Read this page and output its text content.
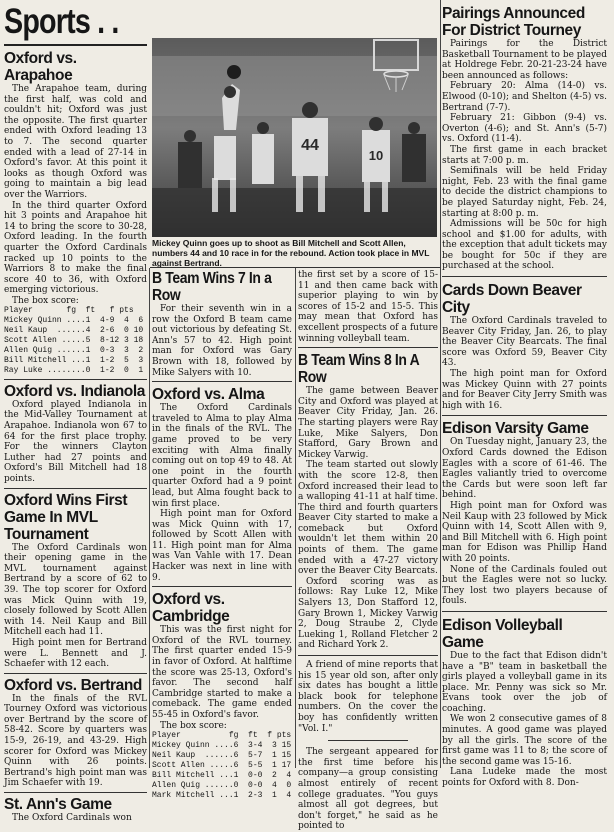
Sports . .
Oxford vs. Arapahoe

The Arapahoe team, during the first half, was cold and couldn't hit; Oxford was just the opposite. The first quarter ended with Oxford leading 13 to 7. The second quarter ended with a lead of 27-14 in Oxford's favor. At this point it looks as though Oxford was going to maintain a big lead over the Warriors.

In the third quarter Oxford hit 3 points and Arapahoe hit 14 to bring the score to 30-28, Oxford leading. In the fourth quarter the Oxford Cardinals racked up 10 points to the Warriors 8 to make the final score 40 to 36, with Oxford emerging victorious.

The box score:

Player       fg  ft   f pts
Mickey Quinn ....1  4-9  4  6
Neil Kaup  ......4  2-6  0 10
Scott Allen .....5  8-12 3 18
Allen Quig ......1  0-3  3  2
Bill Mitchell ...1  1-2  5  3
Ray Luke ........0  1-2  0  1
Oxford vs. Indianola

Oxford played Indianola in the Mid-Valley Tournament at Arapahoe. Indianola won 67 to 64 for the first place trophy. For the winners Clayton Luther had 27 points and Oxford's Bill Mitchell had 18 points.

Oxford Wins First Game In MVL Tournament

The Oxford Cardinals won their opening game in the MVL tournament against Bertrand by a score of 62 to 39. The top scorer for Oxford was Mick Quinn with 19, closely followed by Scott Allen with 14. Neil Kaup and Bill Mitchell each had 11.

High point men for Bertrand were L. Bennett and J. Schaefer with 12 each.

Oxford vs. Bertrand

In the finals of the RVL Tourney Oxford was victorious over Bertrand by the score of 58-42. Score by quarters was 15-9, 26-19, and 43-29. High scorer for Oxford was Mickey Quinn with 26 points. Bertrand's high point man was Jim Schaefer with 19.

St. Ann's Game

The Oxford Cardinals won

44
10

Mickey Quinn goes up to shoot as Bill Mitchell and Scott Allen, numbers 44 and 10 race in for the rebound. Action took place in MVL against Bertrand.

B Team Wins 7 In a Row

For their seventh win in a row the Oxford B team came out victorious by defeating St. Ann's 57 to 42. High point man for Oxford was Gary Brown with 18, followed by Mike Salyers with 10.

Oxford vs. Alma

The Oxford Cardinals traveled to Alma to play Alma in the finals of the RVL. The game proved to be very exciting with Alma finally coming out on top 49 to 48. At one point in the fourth quarter Oxford had a 9 point lead, but Alma fought back to win first place.

High point man for Oxford was Mick Quinn with 17, followed by Scott Allen with 11. High point man for Alma was Van Vahle with 17. Dean Hacker was next in line with 9.

Oxford vs. Cambridge

This was the first night for Oxford of the RVL tourney. The first quarter ended 15-9 in favor of Oxford. At halftime the score was 25-13, Oxford's favor. The second half Cambridge started to make a comeback. The game ended 55-45 in Oxford's favor.

The box score:

Player          fg  ft  f pts
Mickey Quinn ....6  3-4  3 15
Neil Kaup  ......6  5-7  1 15
Scott Allen .....6  5-5  1 17
Bill Mitchell ...1  0-0  2  4
Allen Quig ......0  0-0  4  0
Mark Mitchell ...1  2-3  1  4

the first set by a score of 15-11 and then came back with superior playing to win by scores of 15-2 and 15-5. This may mean that Oxford has excellent prospects of a future winning volleyball team.

B Team Wins 8 In A Row

The game between Beaver City and Oxford was played at Beaver City Friday, Jan. 26. The starting players were Ray Luke, Mike Salyers, Don Stafford, Gary Brown and Mickey Varwig.

The team started out slowly with the score 12-8, then Oxford increased their lead to a walloping 41-11 at half time. The third and fourth quarters Beaver City started to make a comeback but Oxford wouldn't let them within 20 points of them. The game ended with a 47-27 victory over the Beaver City Bearcats.

Oxford scoring was as follows: Ray Luke 12, Mike Salyers 13, Don Stafford 12, Gary Brown 1, Mickey Varwig 2, Doug Straube 2, Clyde Lueking 1, Rolland Fletcher 2 and Richard York 2.

A friend of mine reports that his 15 year old son, after only six dates has bought a little black book for telephone numbers. On the cover the boy has confidently written "Vol. I."

The sergeant appeared for the first time before his company—a group consisting almost entirely of recent college graduates. "You guys almost all got degrees, but don't forget," he said as he pointed to

Pairings Announced For District Tourney

Pairings for the District Basketball Tournament to be played at Holdrege Febr. 20-21-23-24 have been announced as follows:

February 20: Alma (14-0) vs. Elwood (0-10); and Shelton (4-5) vs. Bertrand (7-7).

February 21: Gibbon (9-4) vs. Overton (4-6); and St. Ann's (5-7) vs. Oxford (11-4).

The first game in each bracket starts at 7:00 p. m.

Semifinals will be held Friday night, Feb. 23 with the final game to decide the district champions to be played Saturday night, Feb. 24, starting at 8:00 p. m.

Admissions will be 50c for high school and $1.00 for adults, with the exception that adult tickets may be bought for 50c if they are purchased at the school.

Cards Down Beaver City

The Oxford Cardinals traveled to Beaver City Friday, Jan. 26, to play the Beaver City Bearcats. The final score was Oxford 59, Beaver City 43.

The high point man for Oxford was Mickey Quinn with 27 points and for Beaver City Jerry Smith was high with 16.

Edison Varsity Game

On Tuesday night, January 23, the Oxford Cards downed the Edison Eagles with a score of 61-46. The Eagles valiantly tried to overcome the Cards but were soon left far behind.

High point man for Oxford was Neil Kaup with 23 followed by Mick Quinn with 14, Scott Allen with 9, and Bill Mitchell with 6. High point man for Edison was Phillip Hand with 20 points.

None of the Cardinals fouled out but the Eagles were not so lucky. They lost two players because of fouls.

Edison Volleyball Game

Due to the fact that Edison didn't have a "B" team in basketball the girls played a volleyball game in its place. Mr. Penny was sick so Mr. Evans took over the job of coaching.

We won 2 consecutive games of 8 minutes. A good game was played by all the girls. The score of the first game was 11 to 8; the score of the second game was 15-16.

Lana Ludeke made the most points for Oxford with 8. Don-
